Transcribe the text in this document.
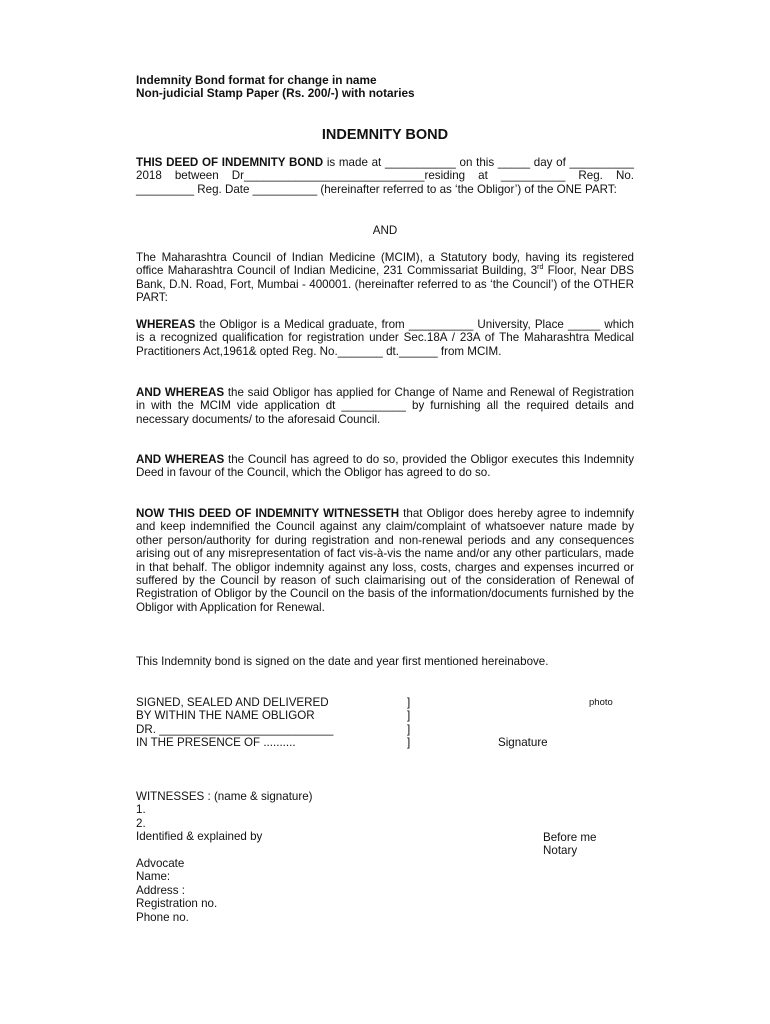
Indemnity Bond format for change in name
Non-judicial Stamp Paper (Rs. 200/-) with notaries
INDEMNITY BOND

THIS DEED OF INDEMNITY BOND is made at ___________ on this _____ day of __________ 2018 between Dr____________________________residing at __________ Reg. No. _________ Reg. Date __________ (hereinafter referred to as ‘the Obligor’) of the ONE PART:

AND

The Maharashtra Council of Indian Medicine (MCIM), a Statutory body, having its registered office Maharashtra Council of Indian Medicine, 231 Commissariat Building, 3rd Floor, Near DBS Bank, D.N. Road, Fort, Mumbai - 400001. (hereinafter referred to as ‘the Council’) of the OTHER PART:

WHEREAS the Obligor is a Medical graduate, from __________ University, Place _____ which is a recognized qualification for registration under Sec.18A / 23A of The Maharashtra Medical Practitioners Act,1961& opted Reg. No._______ dt.______ from MCIM.

AND WHEREAS the said Obligor has applied for Change of Name and Renewal of Registration in with the MCIM vide application dt __________ by furnishing all the required details and necessary documents/ to the aforesaid Council.

AND WHEREAS the Council has agreed to do so, provided the Obligor executes this Indemnity Deed in favour of the Council, which the Obligor has agreed to do so.

NOW THIS DEED OF INDEMNITY WITNESSETH that Obligor does hereby agree to indemnify and keep indemnified the Council against any claim/complaint of whatsoever nature made by other person/authority for during registration and non-renewal periods and any consequences arising out of any misrepresentation of fact vis-à-vis the name and/or any other particulars, made in that behalf. The obligor indemnity against any loss, costs, charges and expenses incurred or suffered by the Council by reason of such claimarising out of the consideration of Renewal of Registration of Obligor by the Council on the basis of the information/documents furnished by the Obligor with Application for Renewal.

This Indemnity bond is signed on the date and year first mentioned hereinabove.

SIGNED, SEALED AND DELIVERED
BY WITHIN THE NAME OBLIGOR
DR. ___________________________
IN THE PRESENCE OF ..........
]
]
]
]
photo
Signature
WITNESSES : (name & signature)
1.
2.
Identified & explained by	Before me
Notary
Advocate
Name:
Address :
Registration no.
Phone no.
